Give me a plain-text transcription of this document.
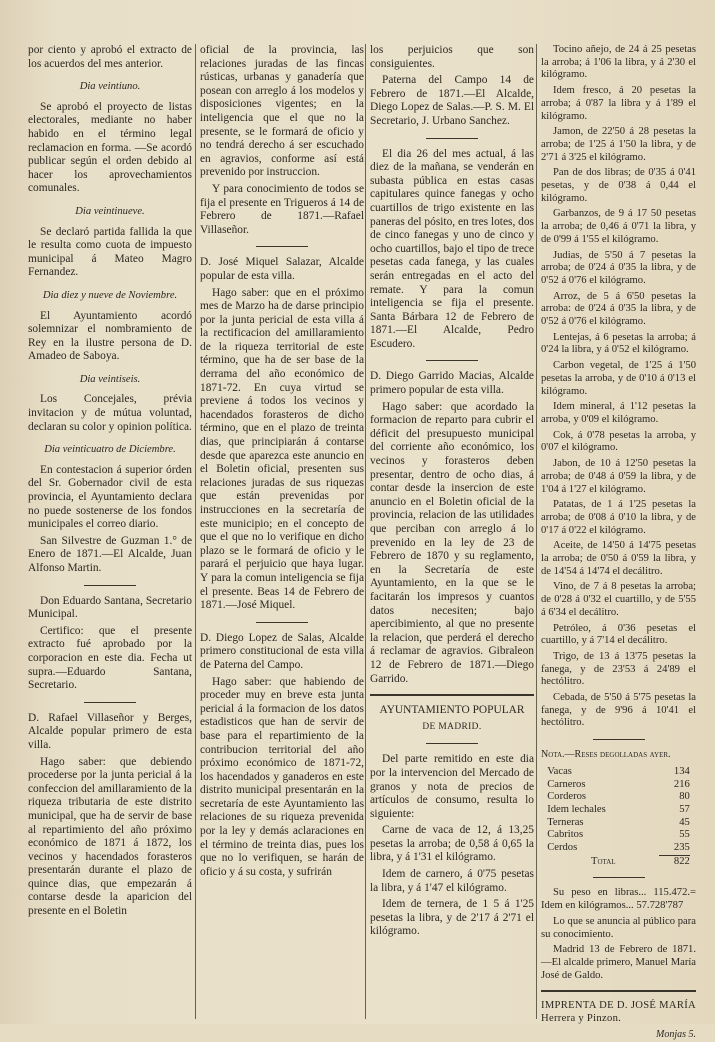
por ciento y aprobó el extracto de los acuerdos del mes anterior.

Dia veintiuno.

Se aprobó el proyecto de listas electorales, mediante no haber habido en el término legal reclamacion en forma. —Se acordó publicar según el orden debido al hacer los aprovechamientos comunales.

Dia veintinueve.

Se declaró partida fallida la que le resulta como cuota de impuesto municipal á Mateo Magro Fernandez.

Dia diez y nueve de Noviembre.

El Ayuntamiento acordó solemnizar el nombramiento de Rey en la ilustre persona de D. Amadeo de Saboya.

Dia veintiseis.

Los Concejales, prévia invitacion y de mútua voluntad, declaran su color y opinion política.

Dia veinticuatro de Diciembre.

En contestacion á superior órden del Sr. Gobernador civil de esta provincia, el Ayuntamiento declara no puede sostenerse de los fondos municipales el correo diario.

San Silvestre de Guzman 1.° de Enero de 1871.—El Alcalde, Juan Alfonso Martin.

Don Eduardo Santana, Secretario Municipal.

Certifico: que el presente extracto fué aprobado por la corporacion en este dia. Fecha ut supra.—Eduardo Santana, Secretario.

D. Rafael Villaseñor y Berges, Alcalde popular primero de esta villa.

Hago saber: que debiendo procederse por la junta pericial á la confeccion del amillaramiento de la riqueza tributaria de este distrito municipal, que ha de servir de base al repartimiento del año próximo económico de 1871 á 1872, los vecinos y hacendados forasteros presentarán durante el plazo de quince dias, que empezarán á contarse desde la aparicion del presente en el Boletin

oficial de la provincia, las relaciones juradas de las fincas rústicas, urbanas y ganadería que posean con arreglo á los modelos y disposiciones vigentes; en la inteligencia que el que no la presente, se le formará de oficio y no tendrá derecho á ser escuchado en agravios, conforme así está prevenido por instruccion.

Y para conocimiento de todos se fija el presente en Trigueros á 14 de Febrero de 1871.—Rafael Villaseñor.

D. José Miquel Salazar, Alcalde popular de esta villa.

Hago saber: que en el próximo mes de Marzo ha de darse principio por la junta pericial de esta villa á la rectificacion del amillaramiento de la riqueza territorial de este término, que ha de ser base de la derrama del año económico de 1871-72. En cuya virtud se previene á todos los vecinos y hacendados forasteros de dicho término, que en el plazo de treinta dias, que principiarán á contarse desde que aparezca este anuncio en el Boletin oficial, presenten sus relaciones juradas de sus riquezas que están prevenidas por instrucciones en la secretaría de este municipio; en el concepto de que el que no lo verifique en dicho plazo se le formará de oficio y le parará el perjuicio que haya lugar. Y para la comun inteligencia se fija el presente. Beas 14 de Febrero de 1871.—José Miquel.

D. Diego Lopez de Salas, Alcalde primero constitucional de esta villa de Paterna del Campo.

Hago saber: que habiendo de proceder muy en breve esta junta pericial á la formacion de los datos estadisticos que han de servir de base para el repartimiento de la contribucion territorial del año próximo económico de 1871-72, los hacendados y ganaderos en este distrito municipal presentarán en la secretaría de este Ayuntamiento las relaciones de su riqueza prevenida por la ley y demás aclaraciones en el término de treinta dias, pues los que no lo verifiquen, se harán de oficio y á su costa, y sufrirán

los perjuicios que son consiguientes.

Paterna del Campo 14 de Febrero de 1871.—El Alcalde, Diego Lopez de Salas.—P. S. M. El Secretario, J. Urbano Sanchez.

El dia 26 del mes actual, á las diez de la mañana, se venderán en subasta pública en estas casas capitulares quince fanegas y ocho cuartillos de trigo existente en las paneras del pósito, en tres lotes, dos de cinco fanegas y uno de cinco y ocho cuartillos, bajo el tipo de trece pesetas cada fanega, y las cuales serán entregadas en el acto del remate. Y para la comun inteligencia se fija el presente. Santa Bárbara 12 de Febrero de 1871.—El Alcalde, Pedro Escudero.

D. Diego Garrido Macias, Alcalde primero popular de esta villa.

Hago saber: que acordado la formacion de reparto para cubrir el déficit del presupuesto municipal del corriente año económico, los vecinos y forasteros deben presentar, dentro de ocho dias, á contar desde la insercion de este anuncio en el Boletin oficial de la provincia, relacion de las utilidades que perciban con arreglo á lo prevenido en la ley de 23 de Febrero de 1870 y su reglamento, en la Secretaría de este Ayuntamiento, en la que se le facitarán los impresos y cuantos datos necesiten; bajo apercibimiento, al que no presente la relacion, que perderá el derecho á reclamar de agravios. Gibraleon 12 de Febrero de 1871.—Diego Garrido.

AYUNTAMIENTO POPULAR

DE MADRID.

Del parte remitido en este dia por la intervencion del Mercado de granos y nota de precios de artículos de consumo, resulta lo siguiente:

Carne de vaca de 12, á 13,25 pesetas la arroba; de 0,58 á 0,65 la libra, y á 1'31 el kilógramo.

Idem de carnero, á 0'75 pesetas la libra, y á 1'47 el kilógramo.

Idem de ternera, de 1 5 á 1'25 pesetas la libra, y de 2'17 á 2'71 el kilógramo.

Tocino añejo, de 24 á 25 pesetas la arroba; á 1'06 la libra, y á 2'30 el kilógramo.

Idem fresco, á 20 pesetas la arroba; á 0'87 la libra y á 1'89 el kilógramo.

Jamon, de 22'50 á 28 pesetas la arroba; de 1'25 á 1'50 la libra, y de 2'71 á 3'25 el kilógramo.

Pan de dos libras; de 0'35 á 0'41 pesetas, y de 0'38 á 0,44 el kilógramo.

Garbanzos, de 9 á 17 50 pesetas la arroba; de 0,46 á 0'71 la libra, y de 0'99 á 1'55 el kilógramo.

Judias, de 5'50 á 7 pesetas la arroba; de 0'24 á 0'35 la libra, y de 0'52 á 0'76 el kilógramo.

Arroz, de 5 á 6'50 pesetas la arroba: de 0'24 á 0'35 la libra, y de 0'52 á 0'76 el kilógramo.

Lentejas, á 6 pesetas la arroba; á 0'24 la libra, y á 0'52 el kilógramo.

Carbon vegetal, de 1'25 á 1'50 pesetas la arroba, y de 0'10 á 0'13 el kilógramo.

Idem mineral, á 1'12 pesetas la arroba, y 0'09 el kilógramo.

Cok, á 0'78 pesetas la arroba, y 0'07 el kilógramo.

Jabon, de 10 á 12'50 pesetas la arroba; de 0'48 á 0'59 la libra, y de 1'04 á 1'27 el kilógramo.

Patatas, de 1 á 1'25 pesetas la arroba; de 0'08 á 0'10 la libra, y de 0'17 á 0'22 el kilógramo.

Aceite, de 14'50 á 14'75 pesetas la arroba; de 0'50 á 0'59 la libra, y de 14'54 á 14'74 el decálitro.

Vino, de 7 á 8 pesetas la arroba; de 0'28 á 0'32 el cuartillo, y de 5'55 á 6'34 el decálitro.

Petróleo, á 0'36 pesetas el cuartillo, y á 7'14 el decálitro.

Trigo, de 13 á 13'75 pesetas la fanega, y de 23'53 á 24'89 el hectólitro.

Cebada, de 5'50 á 5'75 pesetas la fanega, y de 9'96 á 10'41 el hectólitro.

Nota.—Reses degolladas ayer.

Vacas	134
Carneros	216
Corderos	80
Idem lechales	57
Terneras	45
Cabritos	55
Cerdos	235
Total	822

Su peso en libras... 115.472.= Idem en kilógramos... 57.728'787

Lo que se anuncia al público para su conocimiento.

Madrid 13 de Febrero de 1871. —El alcalde primero, Manuel María José de Galdo.

IMPRENTA DE D. JOSÉ MARÍA Herrera y Pinzon.

Monjas 5.
